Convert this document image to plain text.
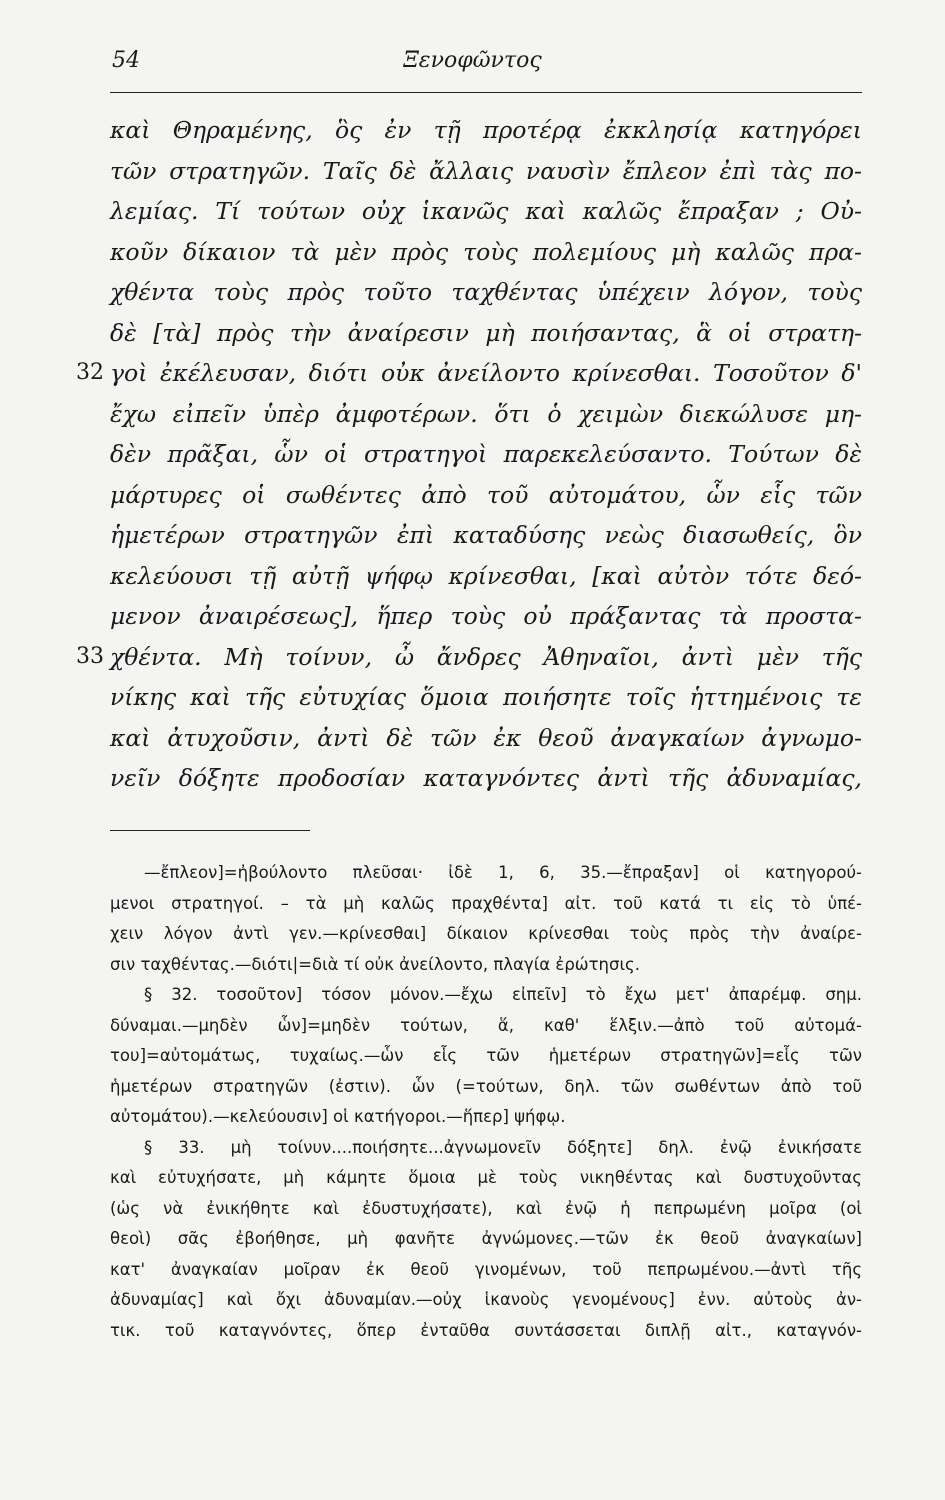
54	Ξενοφῶντος
καὶ Θηραμένης, ὃς ἐν τῇ προτέρᾳ ἐκκλησίᾳ κατηγόρει
τῶν στρατηγῶν. Ταῖς δὲ ἄλλαις ναυσὶν ἔπλεον ἐπὶ τὰς πο-
λεμίας. Τί τούτων οὐχ ἱκανῶς καὶ καλῶς ἔπραξαν ; Οὐ-
κοῦν δίκαιον τὰ μὲν πρὸς τοὺς πολεμίους μὴ καλῶς πρα-
χθέντα τοὺς πρὸς τοῦτο ταχθέντας ὑπέχειν λόγον, τοὺς
δὲ [τὰ] πρὸς τὴν ἀναίρεσιν μὴ ποιήσαντας, ἃ οἱ στρατη-
32 γοὶ ἐκέλευσαν, διότι οὐκ ἀνείλοντο κρίνεσθαι. Τοσοῦτον δ'
ἔχω εἰπεῖν ὑπὲρ ἀμφοτέρων. ὅτι ὁ χειμὼν διεκώλυσε μη-
δὲν πρᾶξαι, ὧν οἱ στρατηγοὶ παρεκελεύσαντο. Τούτων δὲ
μάρτυρες οἱ σωθέντες ἀπὸ τοῦ αὐτομάτου, ὧν εἷς τῶν
ἡμετέρων στρατηγῶν ἐπὶ καταδύσης νεὼς διασωθείς, ὃν
κελεύουσι τῇ αὐτῇ ψήφῳ κρίνεσθαι, [καὶ αὐτὸν τότε δεό-
μενον ἀναιρέσεως], ἥπερ τοὺς οὐ πράξαντας τὰ προστα-
33 χθέντα. Μὴ τοίνυν, ὦ ἄνδρες Ἀθηναῖοι, ἀντὶ μὲν τῆς
νίκης καὶ τῆς εὐτυχίας ὅμοια ποιήσητε τοῖς ἡττημένοις τε
καὶ ἀτυχοῦσιν, ἀντὶ δὲ τῶν ἐκ θεοῦ ἀναγκαίων ἀγνωμο-
νεῖν δόξητε προδοσίαν καταγνόντες ἀντὶ τῆς ἀδυναμίας,
—ἔπλεον]=ἠβούλοντο πλεῦσαι· ἰδὲ 1, 6, 35.—ἔπραξαν] οἱ κατηγορού-
μενοι στρατηγοί. – τὰ μὴ καλῶς πραχθέντα] αἰτ. τοῦ κατά τι εἰς τὸ ὑπέ-
χειν λόγον ἀντὶ γεν.—κρίνεσθαι] δίκαιον κρίνεσθαι τοὺς πρὸς τὴν ἀναίρε-
σιν ταχθέντας.—διότι|=διὰ τί οὐκ ἀνείλοντο, πλαγία ἐρώτησις.
§ 32. τοσοῦτον] τόσον μόνον.—ἔχω εἰπεῖν] τὸ ἔχω μετ' ἀπαρέμφ. σημ.
δύναμαι.—μηδὲν ὧν]=μηδὲν τούτων, ἅ, καθ' ἕλξιν.—ἀπὸ τοῦ αὐτομά-
του]=αὐτομάτως, τυχαίως.—ὧν εἷς τῶν ἡμετέρων στρατηγῶν]=εἷς τῶν
ἡμετέρων στρατηγῶν (ἐστιν). ὧν (=τούτων, δηλ. τῶν σωθέντων ἀπὸ τοῦ
αὐτομάτου).—κελεύουσιν] οἱ κατήγοροι.—ἥπερ] ψήφῳ.
§ 33. μὴ τοίνυν....ποιήσητε...ἀγνωμονεῖν δόξητε] δηλ. ἐνῷ ἐνικήσατε
καὶ εὐτυχήσατε, μὴ κάμητε ὅμοια μὲ τοὺς νικηθέντας καὶ δυστυχοῦντας
(ὡς νὰ ἐνικήθητε καὶ ἐδυστυχήσατε), καὶ ἐνῷ ἡ πεπρωμένη μοῖρα (οἱ
θεοὶ) σᾶς ἐβοήθησε, μὴ φανῆτε ἀγνώμονες.—τῶν ἐκ θεοῦ ἀναγκαίων]
κατ' ἀναγκαίαν μοῖραν ἐκ θεοῦ γινομένων, τοῦ πεπρωμένου.—ἀντὶ τῆς
ἀδυναμίας] καὶ ὄχι ἀδυναμίαν.—οὐχ ἱκανοὺς γενομένους] ἐνν. αὐτοὺς ἀν-
τικ. τοῦ καταγνόντες, ὅπερ ἐνταῦθα συντάσσεται διπλῇ αἰτ., καταγνόν-
